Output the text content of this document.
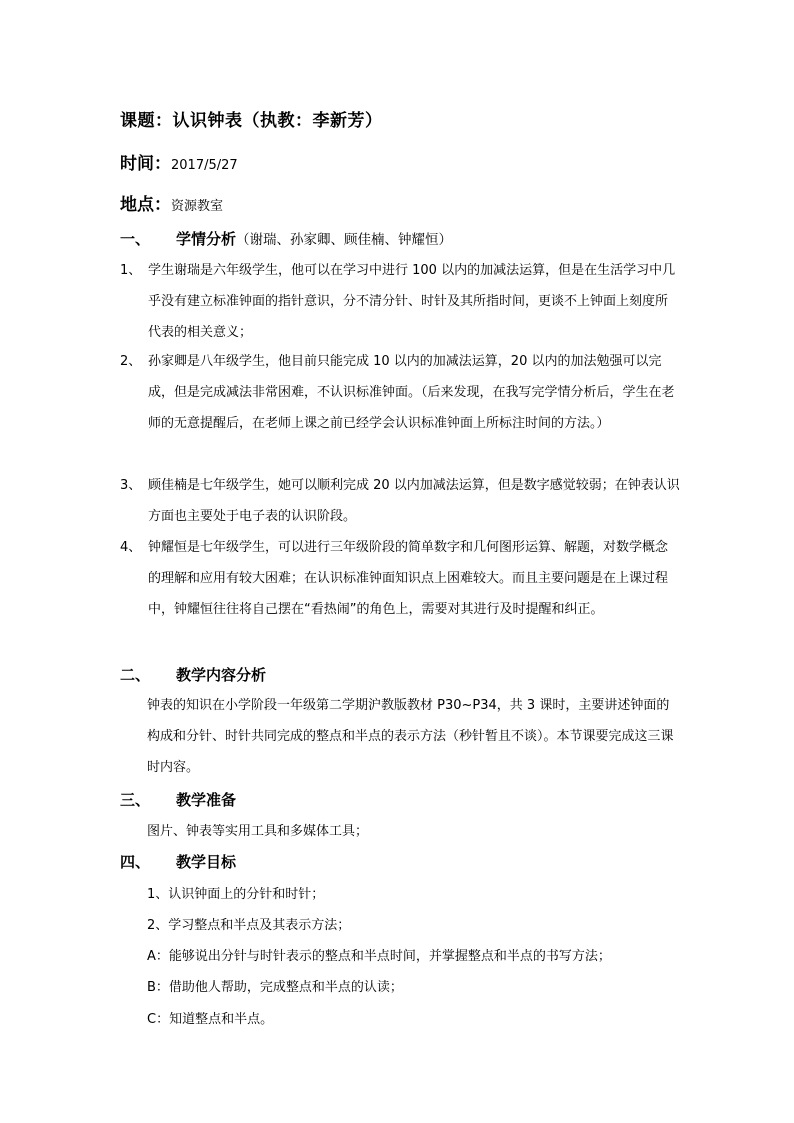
课题：认识钟表（执教：李新芳）
时间：2017/5/27
地点：资源教室
一、 学情分析（谢瑞、孙家卿、顾佳楠、钟耀恒）
1、 学生谢瑞是六年级学生，他可以在学习中进行 100 以内的加减法运算，但是在生活学习中几乎没有建立标准钟面的指针意识，分不清分针、时针及其所指时间，更谈不上钟面上刻度所代表的相关意义；
2、 孙家卿是八年级学生，他目前只能完成 10 以内的加减法运算，20 以内的加法勉强可以完成，但是完成减法非常困难，不认识标准钟面。（后来发现，在我写完学情分析后，学生在老师的无意提醒后，在老师上课之前已经学会认识标准钟面上所标注时间的方法。）
3、 顾佳楠是七年级学生，她可以顺利完成 20 以内加减法运算，但是数字感觉较弱；在钟表认识方面也主要处于电子表的认识阶段。
4、 钟耀恒是七年级学生，可以进行三年级阶段的简单数字和几何图形运算、解题，对数学概念的理解和应用有较大困难；在认识标准钟面知识点上困难较大。而且主要问题是在上课过程中，钟耀恒往往将自己摆在“看热闹”的角色上，需要对其进行及时提醒和纠正。
二、 教学内容分析
钟表的知识在小学阶段一年级第二学期沪教版教材 P30~P34，共 3 课时，主要讲述钟面的构成和分针、时针共同完成的整点和半点的表示方法（秒针暂且不谈）。本节课要完成这三课时内容。
三、 教学准备
图片、钟表等实用工具和多媒体工具；
四、 教学目标
1、认识钟面上的分针和时针；
2、学习整点和半点及其表示方法；
A：能够说出分针与时针表示的整点和半点时间，并掌握整点和半点的书写方法；
B：借助他人帮助，完成整点和半点的认读；
C：知道整点和半点。
